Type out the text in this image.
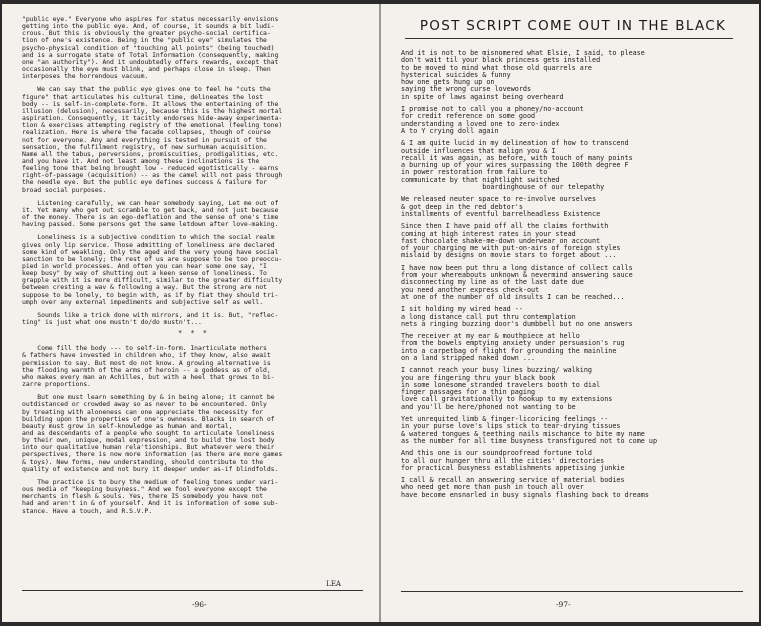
"public eye." Everyone who aspires for status necessarily envisions

getting into the public eye. And, of course, it sounds a bit ludi-

crous. But this is obviously the greater psycho-social certifica-

tion of one's existence. Being in the "public eye" simulates the

psycho-physical condition of "touching all points" (being touched)

and is a surrogate state of Total Information (consequently, making

one "an authority"). And it undoubtedly offers rewards, except that

occasionally the eye must blink, and perhaps close in sleep. Then

interposes the horrendous vacuum.

We can say that the public eye gives one to feel he "cuts the

figure" that articulates his cultural time, delineates the lost

body -- is self-in-complete-form. It allows the entertaining of the

illusion (delusion), necessarily, because this is the highest mortal

aspiration. Consequently, it tacitly endorses hide-away experimenta-

tion & exercises attempting registry of the emotional (feeling tone)

realization. Here is where the facade collapses, though of course

not for everyone. Any and everything is tested in pursuit of the

sensation, the fulfilment registry, of new surhuman acquisition.

Name all the tabus, perversions, promiscuities, prodigalities, etc.

and you have it. And not least among these inclinations is the

feeling tone that being brought low - reduced egotistically - earns

right-of-passage (acquisition) -- as the camel will not pass through

the needle eye. But the public eye defines success & failure for

broad social purposes.

Listening carefully, we can hear somebody saying, Let me out of

it. Yet many who get out scramble to get back, and not just because

of the money. There is an ego-deflation and the sense of one's time

having passed. Some persons get the same letdown after love-making.

Loneliness is a subjective condition to which the social realm

gives only lip service. Those admitting of loneliness are declared

some kind of weakling. Only the aged and the very young have social

sanction to be lonely; the rest of us are suppose to be too preoccu-

pied in world processes. And often you can hear some one say, "I

keep busy" by way of shutting out a keen sense of loneliness. To

grapple with it is more difficult, similar to the greater difficulty

between cresting a wav & following a way. But the strong are not

suppose to be lonely, to begin with, as if by fiat they should tri-

umph over any external impediments and subjective self as well.

Sounds like a trick done with mirrors, and it is. But, "reflec-

ting" is just what one mustn't do/do mustn't...

* * *

Come fill the body --- to self-in-form. Inarticulate mothers

& fathers have invested in children who, if they know, also await

permission to say. But most do not know. A growing alternative is

the flooding warmth of the arms of heroin -- a goddess as of old,

who makes every man an Achilles, but with a heel that grows to bi-

zarre proportions.

But one must learn something by & in being alone; it cannot be

outdistanced or crowded away so as never to be encountered. Only

by treating with aloneness can one appreciate the necessity for

building upon the properties of one's ownness. Blacks in search of

beauty must grow in self-knowledge as human and mortal,

and as descendants of a people who sought to articulate loneliness

by their own, unique, modal expression, and to build the lost body

into our qualitative human rela'tionships. But whatever were their

perspectives, there is now more information (as there are more games

& toys). New forms, new understanding, should contribute to the

quality of existence and not bury it deeper under as-if blindfolds.

The practice is to bury the medium of feeling tones under vari-

ous media of "keeping busyness." And we fool everyone except the

merchants in flesh & souls. Yes, there IS somebody you have not

had and aren't in & of yourself. And it is information of some sub-

stance. Have a touch, and R.S.V.P.

LEA
-96-
POST SCRIPT COME OUT IN THE BLACK
And it is not to be misnomered what Elsie, I said, to please
don't wait til your black princess gets installed
to be moved to mind what those old quarrels are
hysterical suicides & funny
how one gets hung up on
saying the wrong curse lovewords
in spite of laws against being overheard
I promise not to call you a phoney/no-account
for credit reference on some good
understanding a loved one to zero-index
A to Y crying doll again
& I am quite lucid in my delineation of how to transcend
outside influences that malign you & I
recall it was again, as before, with touch of many points
a burning up of your wires surpassing the 100th degree F
in power restoration from failure to
communicate by that nightlight switched
boardinghouse of our telepathy
We released neuter space to re-involve ourselves
& got deep in the red debtor's
installments of eventful barrelheadless Existence
Since then I have paid off all the claims forthwith
coming at high interest rates in your stead
fast chocolate shake-me-down underwear on account
of your charging me with put-on-airs of foreign styles
mislaid by designs on movie stars to forget about ...
I have now been put thru a long distance of collect calls
from your whereabouts unknown & nevermind answering sauce
disconnecting my line as of the last date due
you need another express check-out
at one of the number of old insults I can be reached...
I sit holding my wired head --
a long distance call put thru contemplation
nets a ringing buzzing door's dumbbell but no one answers
The receiver at my ear & mouthpiece at hello
from the bowels emptying anxiety under persuasion's rug
into a carpetbag of flight for grounding the mainline
on a land stripped naked down ...
I cannot reach your busy lines buzzing/ walking
you are fingering thru your black book
in some lonesome stranded travelers booth to dial
finger passages for a thin paging
love call gravitationally to hookup to my extensions
and you'll be here/phoned not wanting to be
Yet unrequited limb & finger-licoricing feelings --
in your purse love's lips stick to tear-drying tissues
& watered tongues & teething nails mischance to bite my name
as the number for all time busyness transfigured not to come up
And this one is our soundproofread fortune told
to all our hunger thru all the cities' directories
for practical busyness establishments appetising junkie
I call & recall an answering service of material bodies
who need get more than push in touch all over
have become ensnarled in busy signals flashing back to dreams
-97-
